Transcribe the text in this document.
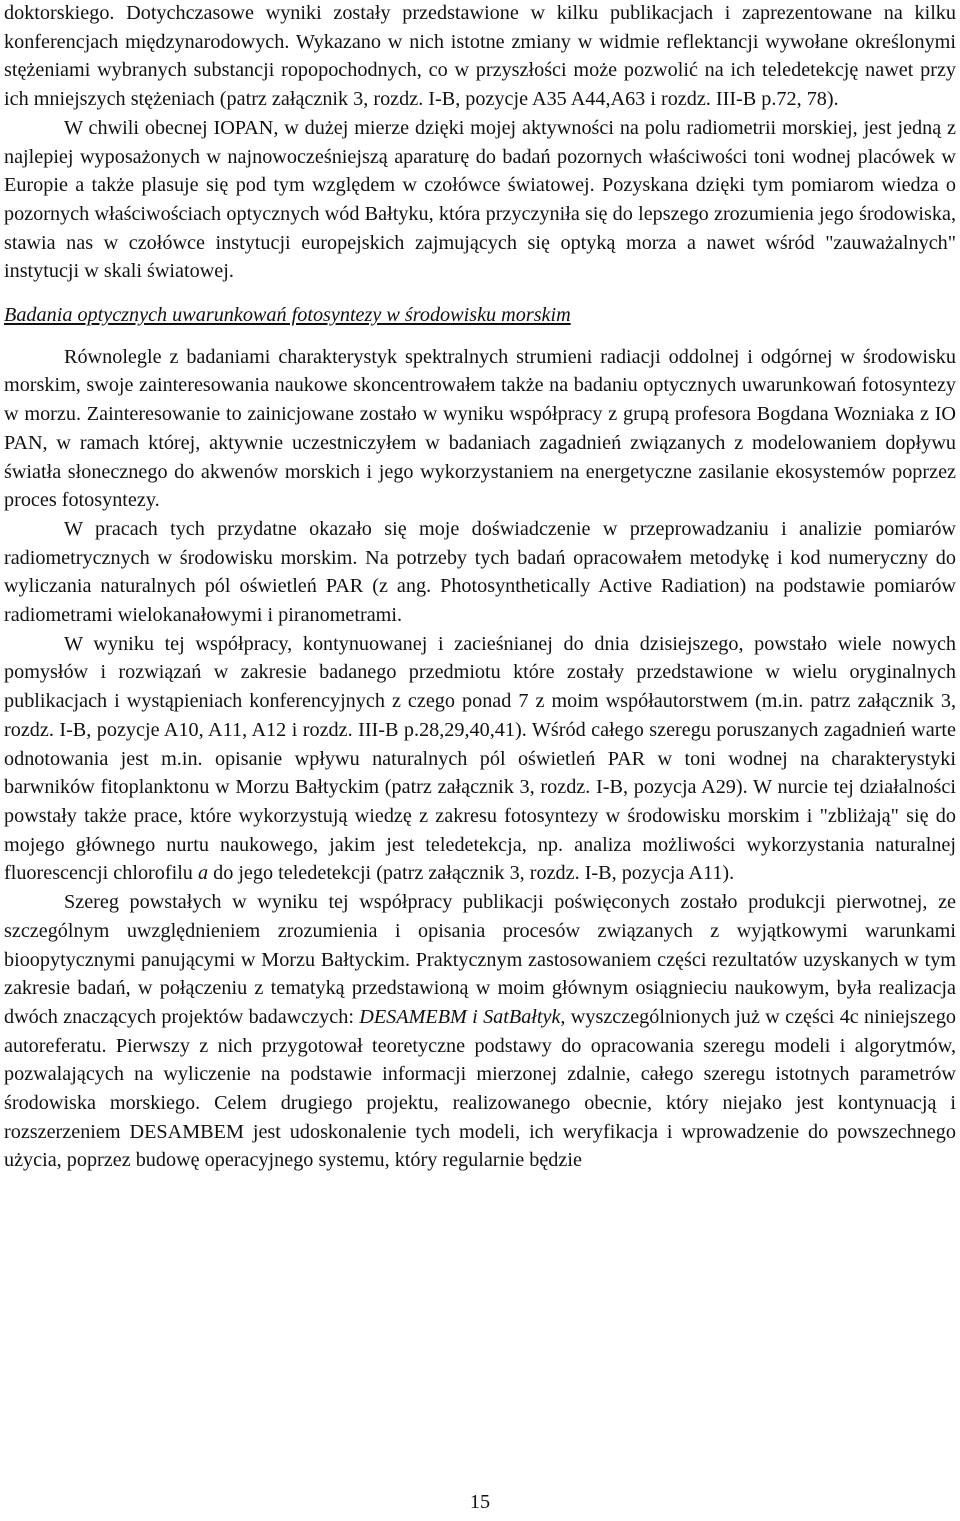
doktorskiego. Dotychczasowe wyniki zostały przedstawione w kilku publikacjach i zaprezentowane na kilku konferencjach międzynarodowych. Wykazano w nich istotne zmiany w widmie reflektancji wywołane określonymi stężeniami wybranych substancji ropopochodnych, co w przyszłości może pozwolić na ich teledetekcję nawet przy ich mniejszych stężeniach (patrz załącznik 3, rozdz. I-B, pozycje A35 A44,A63 i rozdz. III-B p.72, 78).

W chwili obecnej IOPAN, w dużej mierze dzięki mojej aktywności na polu radiometrii morskiej, jest jedną z najlepiej wyposażonych w najnowocześniejszą aparaturę do badań pozornych właściwości toni wodnej placówek w Europie a także plasuje się pod tym względem w czołówce światowej. Pozyskana dzięki tym pomiarom wiedza o pozornych właściwościach optycznych wód Bałtyku, która przyczyniła się do lepszego zrozumienia jego środowiska, stawia nas w czołówce instytucji europejskich zajmujących się optyką morza a nawet wśród "zauważalnych" instytucji w skali światowej.

Badania optycznych uwarunkowań fotosyntezy w środowisku morskim

Równolegle z badaniami charakterystyk spektralnych strumieni radiacji oddolnej i odgórnej w środowisku morskim, swoje zainteresowania naukowe skoncentrowałem także na badaniu optycznych uwarunkowań fotosyntezy w morzu. Zainteresowanie to zainicjowane zostało w wyniku współpracy z grupą profesora Bogdana Wozniaka z IO PAN, w ramach której, aktywnie uczestniczyłem w badaniach zagadnień związanych z modelowaniem dopływu światła słonecznego do akwenów morskich i jego wykorzystaniem na energetyczne zasilanie ekosystemów poprzez proces fotosyntezy.

W pracach tych przydatne okazało się moje doświadczenie w przeprowadzaniu i analizie pomiarów radiometrycznych w środowisku morskim. Na potrzeby tych badań opracowałem metodykę i kod numeryczny do wyliczania naturalnych pól oświetleń PAR (z ang. Photosynthetically Active Radiation) na podstawie pomiarów radiometrami wielokanałowymi i piranometrami.

W wyniku tej współpracy, kontynuowanej i zacieśnianej do dnia dzisiejszego, powstało wiele nowych pomysłów i rozwiązań w zakresie badanego przedmiotu które zostały przedstawione w wielu oryginalnych publikacjach i wystąpieniach konferencyjnych z czego ponad 7 z moim współautorstwem (m.in. patrz załącznik 3, rozdz. I-B, pozycje A10, A11, A12 i rozdz. III-B p.28,29,40,41). Wśród całego szeregu poruszanych zagadnień warte odnotowania jest m.in. opisanie wpływu naturalnych pól oświetleń PAR w toni wodnej na charakterystyki barwników fitoplanktonu w Morzu Bałtyckim (patrz załącznik 3, rozdz. I-B, pozycja A29). W nurcie tej działalności powstały także prace, które wykorzystują wiedzę z zakresu fotosyntezy w środowisku morskim i "zbliżają" się do mojego głównego nurtu naukowego, jakim jest teledetekcja, np. analiza możliwości wykorzystania naturalnej fluorescencji chlorofilu a do jego teledetekcji (patrz załącznik 3, rozdz. I-B, pozycja A11).

Szereg powstałych w wyniku tej współpracy publikacji poświęconych zostało produkcji pierwotnej, ze szczególnym uwzględnieniem zrozumienia i opisania procesów związanych z wyjątkowymi warunkami bioopytycznymi panującymi w Morzu Bałtyckim. Praktycznym zastosowaniem części rezultatów uzyskanych w tym zakresie badań, w połączeniu z tematyką przedstawioną w moim głównym osiągnieciu naukowym, była realizacja dwóch znaczących projektów badawczych: DESAMEBM i SatBałtyk, wyszczególnionych już w części 4c niniejszego autoreferatu. Pierwszy z nich przygotował teoretyczne podstawy do opracowania szeregu modeli i algorytmów, pozwalających na wyliczenie na podstawie informacji mierzonej zdalnie, całego szeregu istotnych parametrów środowiska morskiego. Celem drugiego projektu, realizowanego obecnie, który niejako jest kontynuacją i rozszerzeniem DESAMBEM jest udoskonalenie tych modeli, ich weryfikacja i wprowadzenie do powszechnego użycia, poprzez budowę operacyjnego systemu, który regularnie będzie

15
